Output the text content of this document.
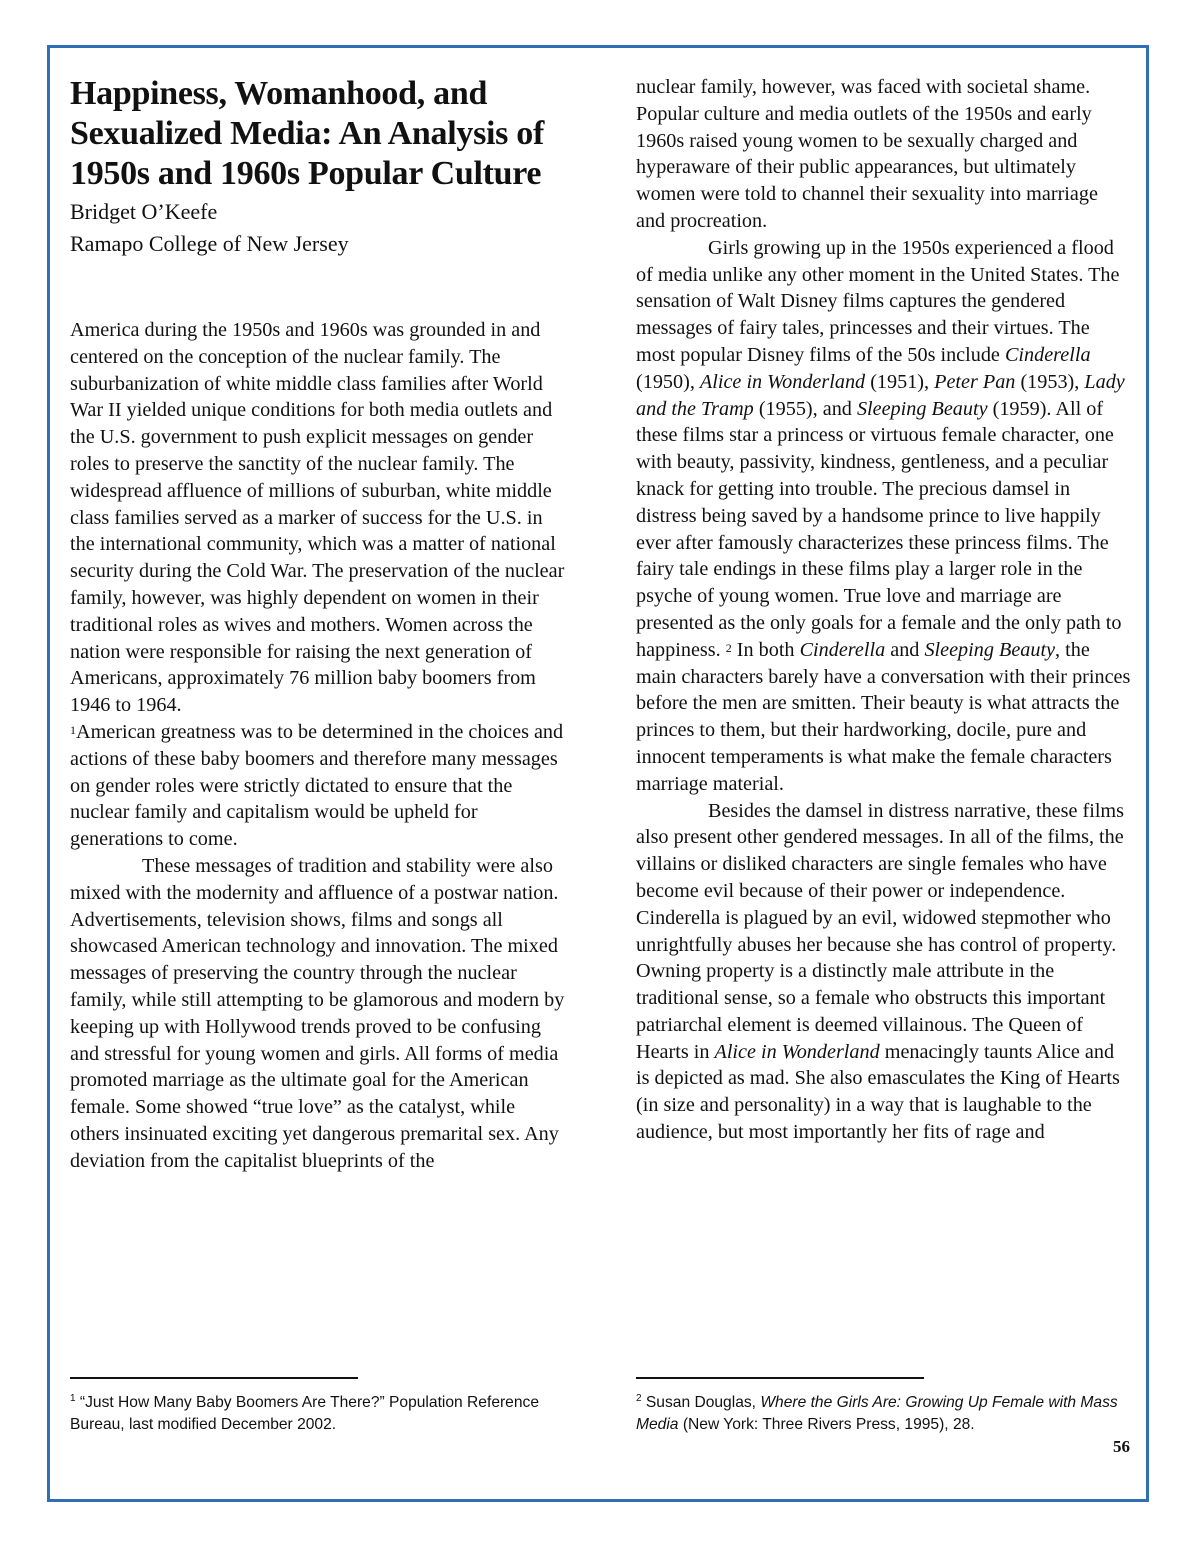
Happiness, Womanhood, and Sexualized Media: An Analysis of 1950s and 1960s Popular Culture

Bridget O’Keefe

Ramapo College of New Jersey

America during the 1950s and 1960s was grounded in and centered on the conception of the nuclear family. The suburbanization of white middle class families after World War II yielded unique conditions for both media outlets and the U.S. government to push explicit messages on gender roles to preserve the sanctity of the nuclear family. The widespread affluence of millions of suburban, white middle class families served as a marker of success for the U.S. in the international community, which was a matter of national security during the Cold War. The preservation of the nuclear family, however, was highly dependent on women in their traditional roles as wives and mothers. Women across the nation were responsible for raising the next generation of Americans, approximately 76 million baby boomers from 1946 to 1964.
$^1$American greatness was to be determined in the choices and actions of these baby boomers and therefore many messages on gender roles were strictly dictated to ensure that the nuclear family and capitalism would be upheld for generations to come.

These messages of tradition and stability were also mixed with the modernity and affluence of a postwar nation. Advertisements, television shows, films and songs all showcased American technology and innovation. The mixed messages of preserving the country through the nuclear family, while still attempting to be glamorous and modern by keeping up with Hollywood trends proved to be confusing and stressful for young women and girls. All forms of media promoted marriage as the ultimate goal for the American female. Some showed “true love” as the catalyst, while others insinuated exciting yet dangerous premarital sex. Any deviation from the capitalist blueprints of the

nuclear family, however, was faced with societal shame. Popular culture and media outlets of the 1950s and early 1960s raised young women to be sexually charged and hyperaware of their public appearances, but ultimately women were told to channel their sexuality into marriage and procreation.

Girls growing up in the 1950s experienced a flood of media unlike any other moment in the United States. The sensation of Walt Disney films captures the gendered messages of fairy tales, princesses and their virtues. The most popular Disney films of the 50s include Cinderella (1950), Alice in Wonderland (1951), Peter Pan (1953), Lady and the Tramp (1955), and Sleeping Beauty (1959). All of these films star a princess or virtuous female character, one with beauty, passivity, kindness, gentleness, and a peculiar knack for getting into trouble. The precious damsel in distress being saved by a handsome prince to live happily ever after famously characterizes these princess films. The fairy tale endings in these films play a larger role in the psyche of young women. True love and marriage are presented as the only goals for a female and the only path to happiness. $^2$ In both Cinderella and Sleeping Beauty, the main characters barely have a conversation with their princes before the men are smitten. Their beauty is what attracts the princes to them, but their hardworking, docile, pure and innocent temperaments is what make the female characters marriage material.

Besides the damsel in distress narrative, these films also present other gendered messages. In all of the films, the villains or disliked characters are single females who have become evil because of their power or independence. Cinderella is plagued by an evil, widowed stepmother who unrightfully abuses her because she has control of property. Owning property is a distinctly male attribute in the traditional sense, so a female who obstructs this important patriarchal element is deemed villainous. The Queen of Hearts in Alice in Wonderland menacingly taunts Alice and is depicted as mad. She also emasculates the King of Hearts (in size and personality) in a way that is laughable to the audience, but most importantly her fits of rage and

$^1$ “Just How Many Baby Boomers Are There?” Population Reference Bureau, last modified December 2002.
$^2$ Susan Douglas, Where the Girls Are: Growing Up Female with Mass Media (New York: Three Rivers Press, 1995), 28.
56
